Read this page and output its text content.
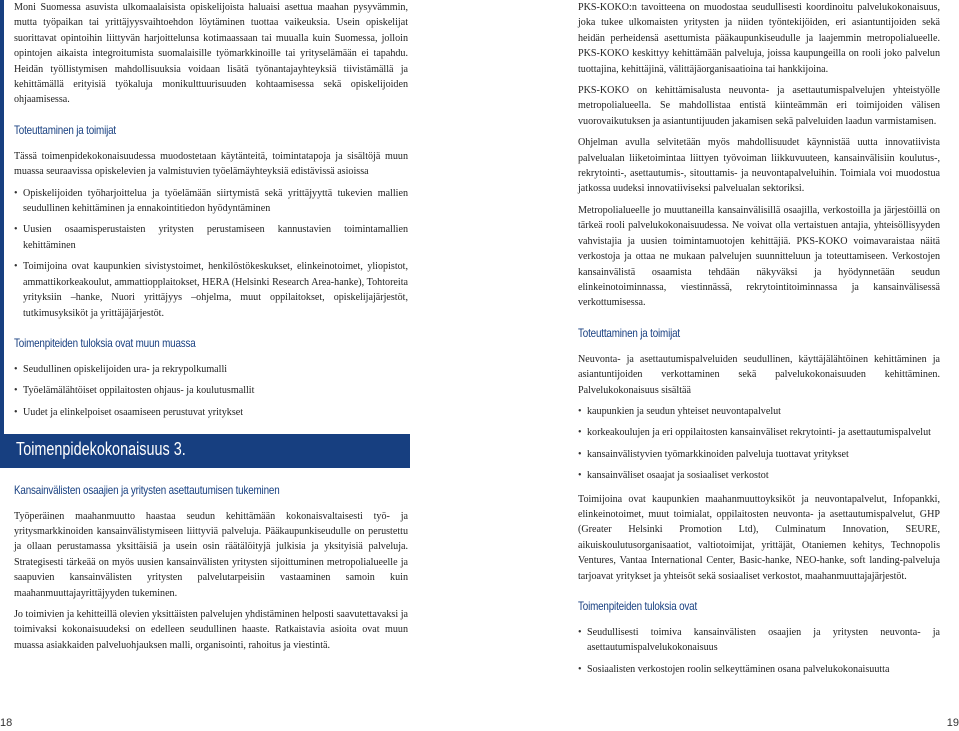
Moni Suomessa asuvista ulkomaalaisista opiskelijoista haluaisi asettua maahan pysyvämmin, mutta työpaikan tai yrittäjyysvaihtoehdon löytäminen tuottaa vaikeuksia. Usein opiskelijat suorittavat opintoihin liittyvän harjoittelunsa kotimaassaan tai muualla kuin Suomessa, jolloin opintojen aikaista integroitumista suomalaisille työmarkkinoille tai yrityselämään ei tapahdu. Heidän työllistymisen mahdollisuuksia voidaan lisätä työnantajayhteyksiä tiivistämällä ja kehittämällä erityisiä työkaluja monikulttuurisuuden kohtaamisessa sekä opiskelijoiden ohjaamisessa.

Toteuttaminen ja toimijat

Tässä toimenpidekokonaisuudessa muodostetaan käytänteitä, toimintatapoja ja sisältöjä muun muassa seuraavissa opiskelevien ja valmistuvien työelämäyhteyksiä edistävissä asioissa

• Opiskelijoiden työharjoittelua ja työelämään siirtymistä sekä yrittäjyyttä tukevien mallien seudullinen kehittäminen ja ennakointitiedon hyödyntäminen
• Uusien osaamisperustaisten yritysten perustamiseen kannustavien toimintamallien kehittäminen
• Toimijoina ovat kaupunkien sivistystoimet, henkilöstökeskukset, elinkeinotoimet, yliopistot, ammattikorkeakoulut, ammattiopplaitokset, HERA (Helsinki Research Area-hanke), Tohtoreita yrityksiin –hanke, Nuori yrittäjyys –ohjelma, muut oppilaitokset, opiskelijajärjestöt, tutkimusyksiköt ja yrittäjäjärjestöt.
Toimenpiteiden tuloksia ovat muun muassa
• Seudullinen opiskelijoiden ura- ja rekrypolkumalli
• Työelämälähtöiset oppilaitosten ohjaus- ja koulutusmallit
• Uudet ja elinkelpoiset osaamiseen perustuvat yritykset
Toimenpidekokonaisuus 3.
Kansainvälisten osaajien ja yritysten asettautumisen tukeminen

Työperäinen maahanmuutto haastaa seudun kehittämään kokonaisvaltaisesti työ- ja yritysmarkkinoiden kansainvälistymiseen liittyviä palveluja. Pääkaupunkiseudulle on perustettu ja ollaan perustamassa yksittäisiä ja usein osin räätälöityjä julkisia ja yksityisiä palveluja. Strategisesti tärkeää on myös uusien kansainvälisten yritysten sijoittuminen metropolialueelle ja saapuvien kansainvälisten yritysten palvelutarpeisiin vastaaminen samoin kuin maahanmuuttajayrittäjyyden tukeminen.

Jo toimivien ja kehitteillä olevien yksittäisten palvelujen yhdistäminen helposti saavutettavaksi ja toimivaksi kokonaisuudeksi on edelleen seudullinen haaste. Ratkaistavia asioita ovat muun muassa asiakkaiden palveluohjauksen malli, organisointi, rahoitus ja viestintä.

18

PKS-KOKO:n tavoitteena on muodostaa seudullisesti koordinoitu palvelukokonaisuus, joka tukee ulkomaisten yritysten ja niiden työntekijöiden, eri asiantuntijoiden sekä heidän perheidensä asettumista pääkaupunkiseudulle ja laajemmin metropolialueelle. PKS-KOKO keskittyy kehittämään palveluja, joissa kaupungeilla on rooli joko palvelun tuottajina, kehittäjinä, välittäjäorganisaatioina tai hankkijoina.

PKS-KOKO on kehittämisalusta neuvonta- ja asettautumispalvelujen yhteistyölle metropolialueella. Se mahdollistaa entistä kiinteämmän eri toimijoiden välisen vuorovaikutuksen ja asiantuntijuuden jakamisen sekä palveluiden laadun varmistamisen.

Ohjelman avulla selvitetään myös mahdollisuudet käynnistää uutta innovatiivista palvelualan liiketoimintaa liittyen työvoiman liikkuvuuteen, kansainvälisiin koulutus-, rekrytointi-, asettautumis-, sitouttamis- ja neuvontapalveluihin. Toimiala voi muodostua jatkossa uudeksi innovatiiviseksi palvelualan sektoriksi.

Metropolialueelle jo muuttaneilla kansainvälisillä osaajilla, verkostoilla ja järjestöillä on tärkeä rooli palvelukokonaisuudessa. Ne voivat olla vertaistuen antajia, yhteisöllisyyden vahvistajia ja uusien toimintamuotojen kehittäjiä. PKS-KOKO voimavaraistaa näitä verkostoja ja ottaa ne mukaan palvelujen suunnitteluun ja toteuttamiseen. Verkostojen kansainvälistä osaamista tehdään näkyväksi ja hyödynnetään seudun elinkeinotoiminnassa, viestinnässä, rekrytointitoiminnassa ja kansainvälisessä verkottumisessa.

Toteuttaminen ja toimijat

Neuvonta- ja asettautumispalveluiden seudullinen, käyttäjälähtöinen kehittäminen ja asiantuntijoiden verkottaminen sekä palvelukokonaisuuden kehittäminen. Palvelukokonaisuus sisältää

• kaupunkien ja seudun yhteiset neuvontapalvelut
• korkeakoulujen ja eri oppilaitosten kansainväliset rekrytointi- ja asettautumispalvelut
• kansainvälistyvien työmarkkinoiden palveluja tuottavat yritykset
• kansainväliset osaajat ja sosiaaliset verkostot

Toimijoina ovat kaupunkien maahanmuuttoyksiköt ja neuvontapalvelut, Infopankki, elinkeinotoimet, muut toimialat, oppilaitosten neuvonta- ja asettautumispalvelut, GHP (Greater Helsinki Promotion Ltd), Culminatum Innovation, SEURE, aikuiskoulutusorganisaatiot, valtiotoimijat, yrittäjät, Otaniemen kehitys, Technopolis Ventures, Vantaa International Center, Basic-hanke, NEO-hanke, soft landing-palveluja tarjoavat yritykset ja yhteisöt sekä sosiaaliset verkostot, maahanmuuttajajärjestöt.

Toimenpiteiden tuloksia ovat
• Seudullisesti toimiva kansainvälisten osaajien ja yritysten neuvonta- ja asettautumispalvelukokonaisuus
• Sosiaalisten verkostojen roolin selkeyttäminen osana palvelukokonaisuutta
19
